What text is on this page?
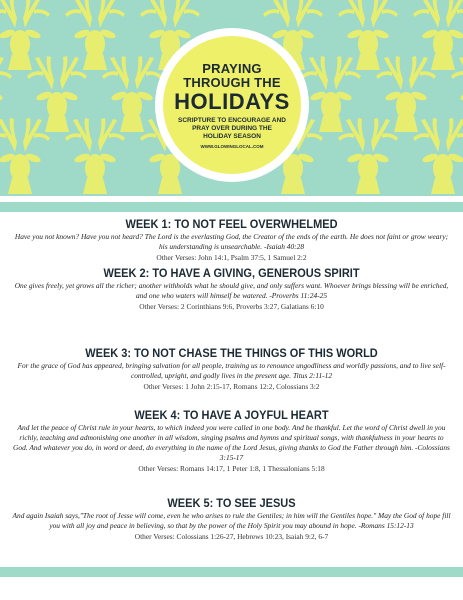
PRAYING
THROUGH THE
HOLIDAYS
SCRIPTURE TO ENCOURAGE AND PRAY OVER DURING THE HOLIDAY SEASON
WWW.GLOWINGLOCAL.COM
WEEK 1: TO NOT FEEL OVERWHELMED
Have you not known? Have you not heard? The Lord is the everlasting God, the Creator of the ends of the earth. He does not faint or grow weary; his understanding is unsearchable. -Isaiah 40:28
Other Verses: John 14:1, Psalm 37:5, 1 Samuel 2:2
WEEK 2: TO HAVE A GIVING, GENEROUS SPIRIT
One gives freely, yet grows all the richer; another withholds what he should give, and only suffers want. Whoever brings blessing will be enriched, and one who waters will himself be watered. -Proverbs 11:24-25
Other Verses: 2 Corinthians 9:6, Proverbs 3:27, Galatians 6:10
WEEK 3: TO NOT CHASE THE THINGS OF THIS WORLD
For the grace of God has appeared, bringing salvation for all people, training us to renounce ungodliness and worldly passions, and to live self-controlled, upright, and godly lives in the present age. Titus 2:11-12
Other Verses: 1 John 2:15-17, Romans 12:2, Colossians 3:2
WEEK 4: TO HAVE A JOYFUL HEART
And let the peace of Christ rule in your hearts, to which indeed you were called in one body. And be thankful. Let the word of Christ dwell in you richly, teaching and admonishing one another in all wisdom, singing psalms and hymns and spiritual songs, with thankfulness in your hearts to God. And whatever you do, in word or deed, do everything in the name of the Lord Jesus, giving thanks to God the Father through him. -Colossians 3:15-17
Other Verses: Romans 14:17, 1 Peter 1:8, 1 Thessalonians 5:18
WEEK 5: TO SEE JESUS
And again Isaiah says,"The root of Jesse will come, even he who arises to rule the Gentiles; in him will the Gentiles hope." May the God of hope fill you with all joy and peace in believing, so that by the power of the Holy Spirit you may abound in hope. -Romans 15:12-13
Other Verses: Colossians 1:26-27, Hebrews 10:23, Isaiah 9:2, 6-7
